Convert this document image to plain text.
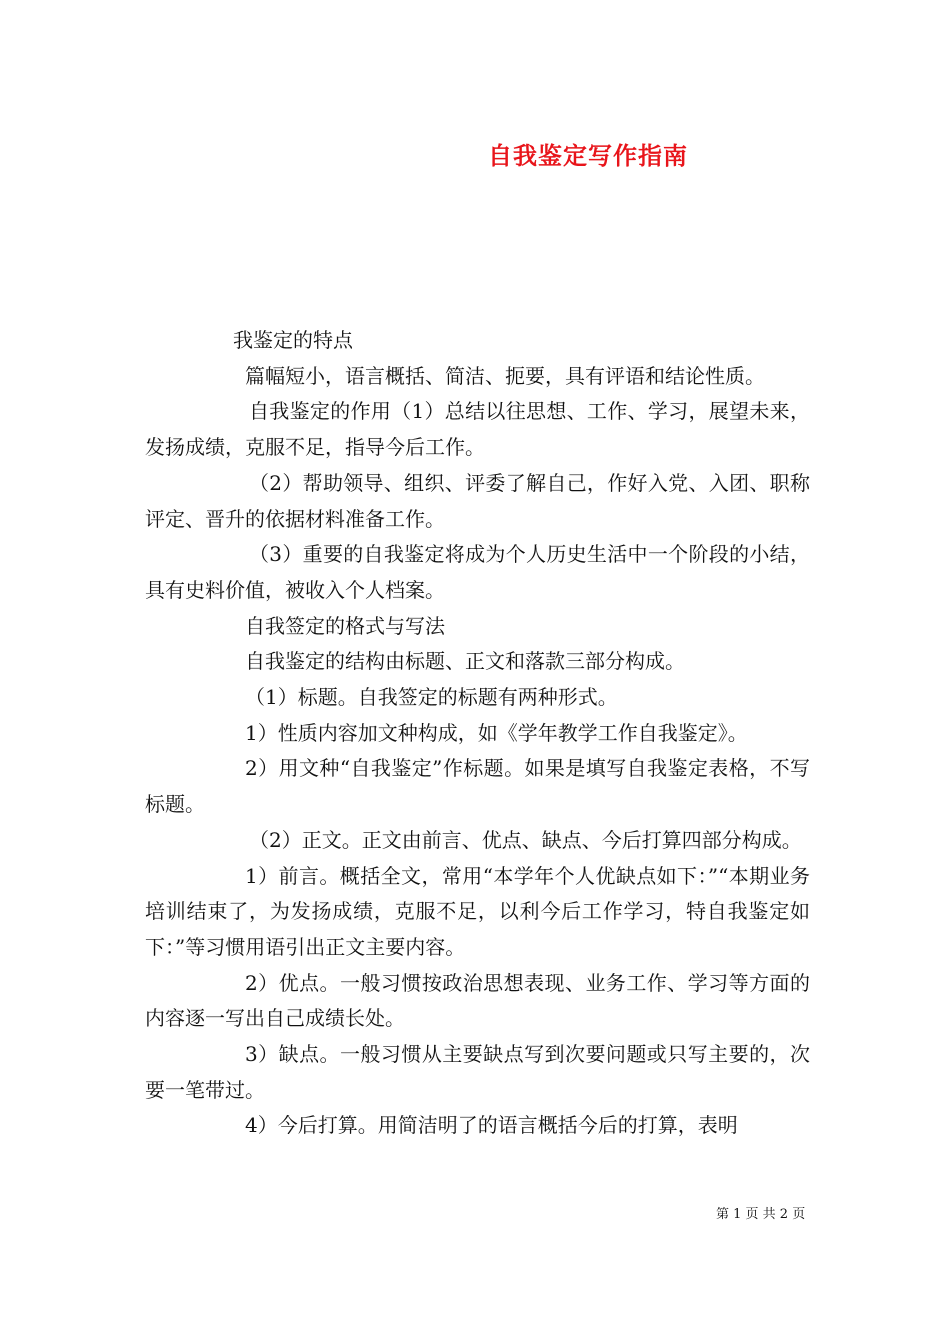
自我鉴定写作指南

我鉴定的特点

篇幅短小，语言概括、简洁、扼要，具有评语和结论性质。

自我鉴定的作用（1）总结以往思想、工作、学习，展望未来，发扬成绩，克服不足，指导今后工作。

（2）帮助领导、组织、评委了解自己，作好入党、入团、职称评定、晋升的依据材料准备工作。

（3）重要的自我鉴定将成为个人历史生活中一个阶段的小结，具有史料价值，被收入个人档案。

自我签定的格式与写法

自我鉴定的结构由标题、正文和落款三部分构成。

（1）标题。自我签定的标题有两种形式。

1）性质内容加文种构成，如《学年教学工作自我鉴定》。

2）用文种“自我鉴定”作标题。如果是填写自我鉴定表格，不写标题。

（2）正文。正文由前言、优点、缺点、今后打算四部分构成。

1）前言。概括全文，常用“本学年个人优缺点如下：”“本期业务培训结束了，为发扬成绩，克服不足，以利今后工作学习，特自我鉴定如下：”等习惯用语引出正文主要内容。

2）优点。一般习惯按政治思想表现、业务工作、学习等方面的内容逐一写出自己成绩长处。

3）缺点。一般习惯从主要缺点写到次要问题或只写主要的，次要一笔带过。

4）今后打算。用简洁明了的语言概括今后的打算，表明

第 1 页 共 2 页
